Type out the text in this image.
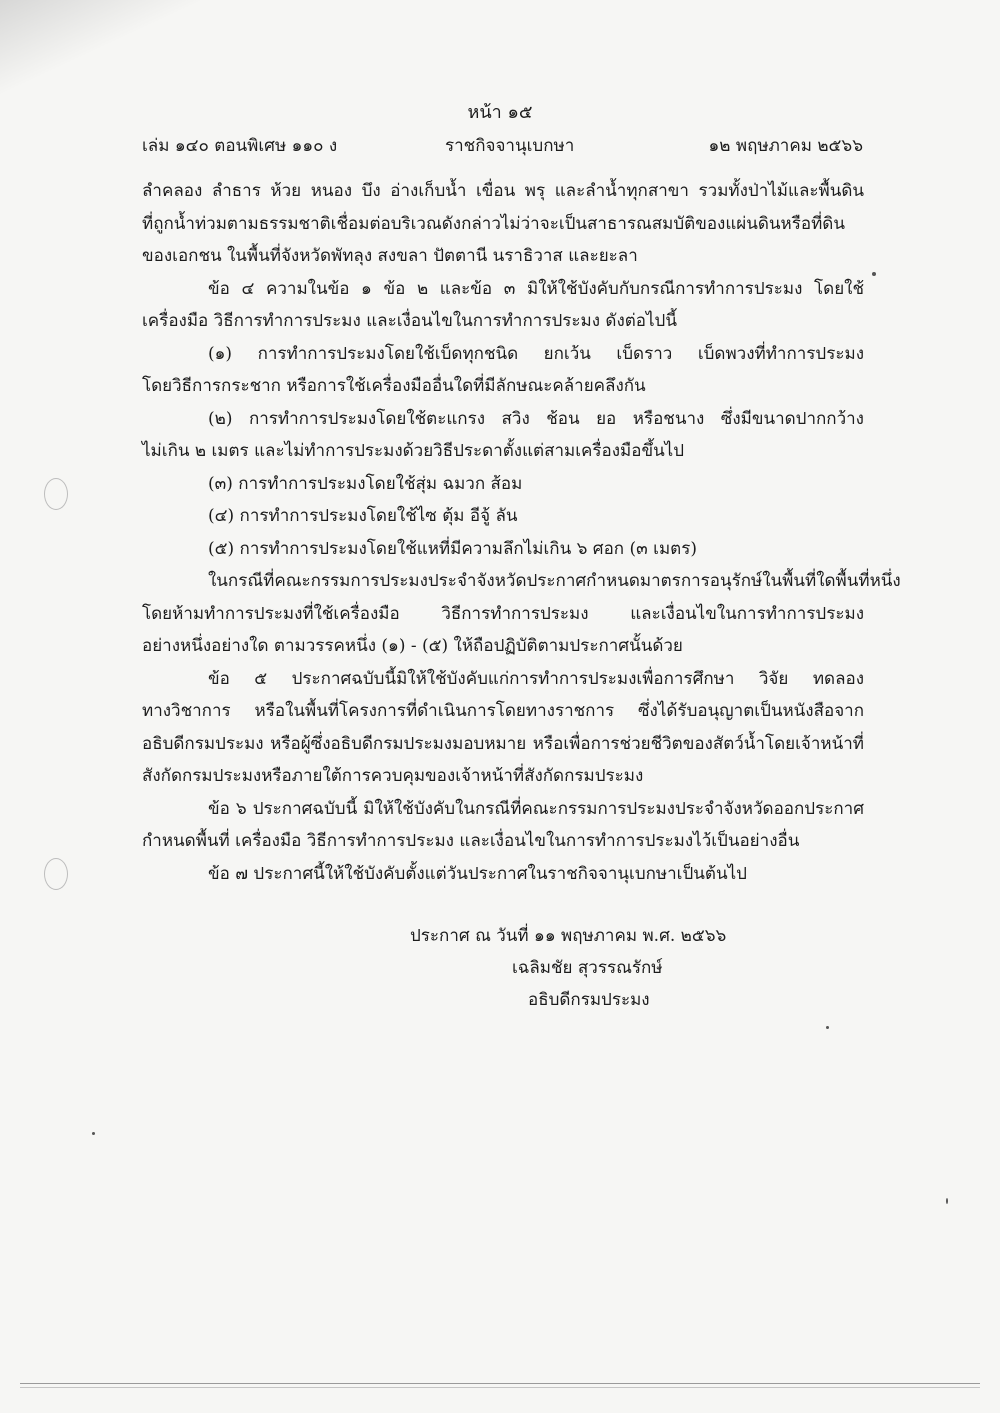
หน้า ๑๕
เล่ม ๑๔๐ ตอนพิเศษ ๑๑๐ ง	ราชกิจจานุเบกษา	๑๒ พฤษภาคม ๒๕๖๖
ลำคลอง ลำธาร ห้วย หนอง บึง อ่างเก็บน้ำ เขื่อน พรุ และลำน้ำทุกสาขา รวมทั้งป่าไม้และพื้นดิน
ที่ถูกน้ำท่วมตามธรรมชาติเชื่อมต่อบริเวณดังกล่าวไม่ว่าจะเป็นสาธารณสมบัติของแผ่นดินหรือที่ดิน
ของเอกชน ในพื้นที่จังหวัดพัทลุง สงขลา ปัตตานี นราธิวาส และยะลา
ข้อ ๔ ความในข้อ ๑ ข้อ ๒ และข้อ ๓ มิให้ใช้บังคับกับกรณีการทำการประมง โดยใช้
เครื่องมือ วิธีการทำการประมง และเงื่อนไขในการทำการประมง ดังต่อไปนี้
(๑) การทำการประมงโดยใช้เบ็ดทุกชนิด ยกเว้น เบ็ดราว เบ็ดพวงที่ทำการประมง
โดยวิธีการกระชาก หรือการใช้เครื่องมืออื่นใดที่มีลักษณะคล้ายคลึงกัน
(๒) การทำการประมงโดยใช้ตะแกรง สวิง ช้อน ยอ หรือชนาง ซึ่งมีขนาดปากกว้าง
ไม่เกิน ๒ เมตร และไม่ทำการประมงด้วยวิธีประดาตั้งแต่สามเครื่องมือขึ้นไป
(๓) การทำการประมงโดยใช้สุ่ม ฉมวก ส้อม
(๔) การทำการประมงโดยใช้ไซ ตุ้ม อีจู้ ลัน
(๕) การทำการประมงโดยใช้แหที่มีความลึกไม่เกิน ๖ ศอก (๓ เมตร)
ในกรณีที่คณะกรรมการประมงประจำจังหวัดประกาศกำหนดมาตรการอนุรักษ์ในพื้นที่ใดพื้นที่หนึ่ง
โดยห้ามทำการประมงที่ใช้เครื่องมือ วิธีการทำการประมง และเงื่อนไขในการทำการประมง
อย่างหนึ่งอย่างใด ตามวรรคหนึ่ง (๑) - (๕) ให้ถือปฏิบัติตามประกาศนั้นด้วย
ข้อ ๕ ประกาศฉบับนี้มิให้ใช้บังคับแก่การทำการประมงเพื่อการศึกษา วิจัย ทดลอง
ทางวิชาการ หรือในพื้นที่โครงการที่ดำเนินการโดยทางราชการ ซึ่งได้รับอนุญาตเป็นหนังสือจาก
อธิบดีกรมประมง หรือผู้ซึ่งอธิบดีกรมประมงมอบหมาย หรือเพื่อการช่วยชีวิตของสัตว์น้ำโดยเจ้าหน้าที่
สังกัดกรมประมงหรือภายใต้การควบคุมของเจ้าหน้าที่สังกัดกรมประมง
ข้อ ๖ ประกาศฉบับนี้ มิให้ใช้บังคับในกรณีที่คณะกรรมการประมงประจำจังหวัดออกประกาศ
กำหนดพื้นที่ เครื่องมือ วิธีการทำการประมง และเงื่อนไขในการทำการประมงไว้เป็นอย่างอื่น
ข้อ ๗ ประกาศนี้ให้ใช้บังคับตั้งแต่วันประกาศในราชกิจจานุเบกษาเป็นต้นไป
ประกาศ ณ วันที่ ๑๑ พฤษภาคม พ.ศ. ๒๕๖๖
เฉลิมชัย สุวรรณรักษ์
อธิบดีกรมประมง
